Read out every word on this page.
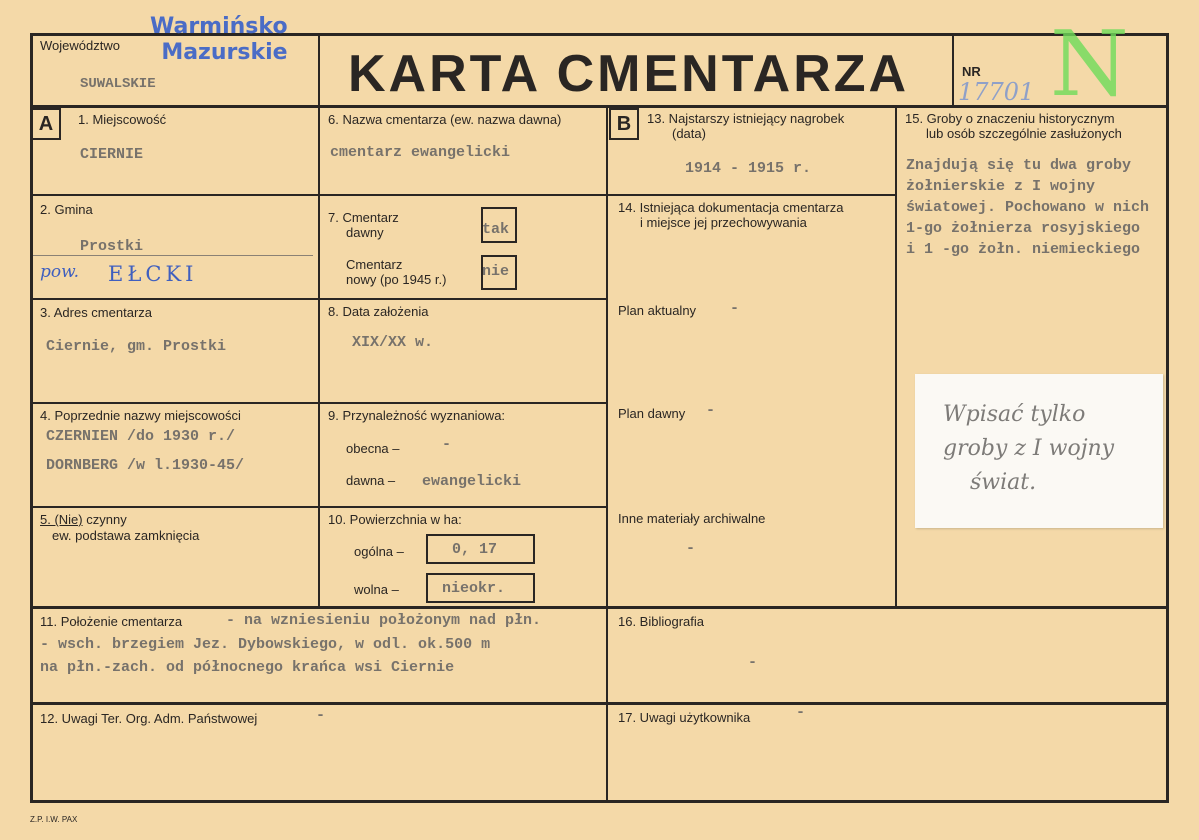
Województwo
Warmińsko
Mazurskie
SUWALSKIE	KARTA CMENTARZA	NR
17701 N
A	1. Miejscowość
CIERNIE
2. Gmina
Prostki
pow. EŁCKI
3. Adres cmentarza
Ciernie, gm. Prostki
4. Poprzednie nazwy miejscowości
CZERNIEN /do 1930 r./
DORNBERG /w l.1930-45/
5. (Nie) czynny
ew. podstawa zamknięcia
6. Nazwa cmentarza (ew. nazwa dawna)
cmentarz ewangelicki
7. Cmentarz
dawny	tak
Cmentarz
nowy (po 1945 r.) nie
8. Data założenia
XIX/XX w.
9. Przynależność wyznaniowa:
obecna –	-
dawna – ewangelicki
10. Powierzchnia w ha:
ogólna –	0, 17
wolna –	nieokr.
B	13. Najstarszy istniejący nagrobek
(data)
1914 - 1915 r.
14. Istniejąca dokumentacja cmentarza
i miejsce jej przechowywania
Plan aktualny -
Plan dawny -
Inne materiały archiwalne
-
15. Groby o znaczeniu historycznym
lub osób szczególnie zasłużonych
Znajdują się tu dwa groby
żołnierskie z I wojny
światowej. Pochowano w nich
1-go żołnierza rosyjskiego
i 1 -go żołn. niemieckiego
Wpisać tylko
groby z I wojny
świat.
11. Położenie cmentarza	- na wzniesieniu położonym nad płn.
- wsch. brzegiem Jez. Dybowskiego, w odl. ok.500 m
na płn.-zach. od północnego krańca wsi Ciernie
12. Uwagi Ter. Org. Adm. Państwowej	-
16. Bibliografia
-
17. Uwagi użytkownika	-
Z.P. I.W. PAX
